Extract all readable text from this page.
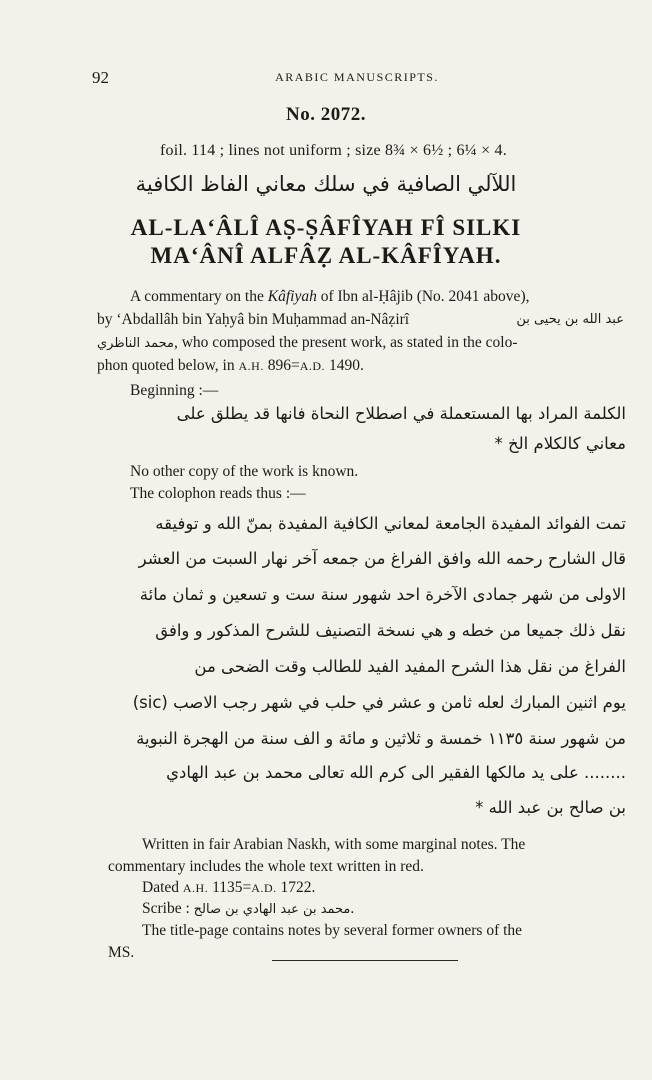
92	ARABIC MANUSCRIPTS.
No. 2072.
foil. 114 ; lines not uniform ; size 8¾ × 6½ ; 6¼ × 4.
اللآلي الصافية في سلك معاني الفاظ الكافية
AL-LA‘ÂLÎ AṢ-ṢÂFÎYAH FÎ SILKI
MA‘ÂNÎ ALFÂẒ AL-KÂFÎYAH.
A commentary on the Kâfiyah of Ibn al-Ḥâjib (No. 2041 above),
by ‘Abdallâh bin Yaḥyâ bin Muḥammad an-Nâẓirî	عبد الله بن يحيى بن
محمد الناظري, who composed the present work, as stated in the colo-
phon quoted below, in A.H. 896=A.D. 1490.
Beginning :—
الكلمة المراد بها المستعملة في اصطلاح النحاة فانها قد يطلق على
معاني كالكلام الخ *
No other copy of the work is known.
The colophon reads thus :—
تمت الفوائد المفيدة الجامعة لمعاني الكافية المفيدة بمنّ الله و توفيقه
قال الشارح رحمه الله وافق الفراغ من جمعه آخر نهار السبت من العشر
الاولى من شهر جمادى الآخرة احد شهور سنة ست و تسعين و ثمان مائة
نقل ذلك جميعا من خطه و هي نسخة التصنيف للشرح المذكور و وافق
الفراغ من نقل هذا الشرح المفيد الفيد للطالب وقت الضحى من
يوم اثنين المبارك لعله ثامن و عشر في حلب في شهر رجب الاصب (sic)
من شهور سنة ١١٣٥ خمسة و ثلاثين و مائة و الف سنة من الهجرة النبوية
........ على يد مالكها الفقير الى كرم الله تعالى محمد بن عبد الهادي
بن صالح بن عبد الله *
Written in fair Arabian Naskh, with some marginal notes. The
commentary includes the whole text written in red.
Dated A.H. 1135=A.D. 1722.
Scribe : محمد بن عبد الهادي بن صالح.
The title-page contains notes by several former owners of the
MS.
